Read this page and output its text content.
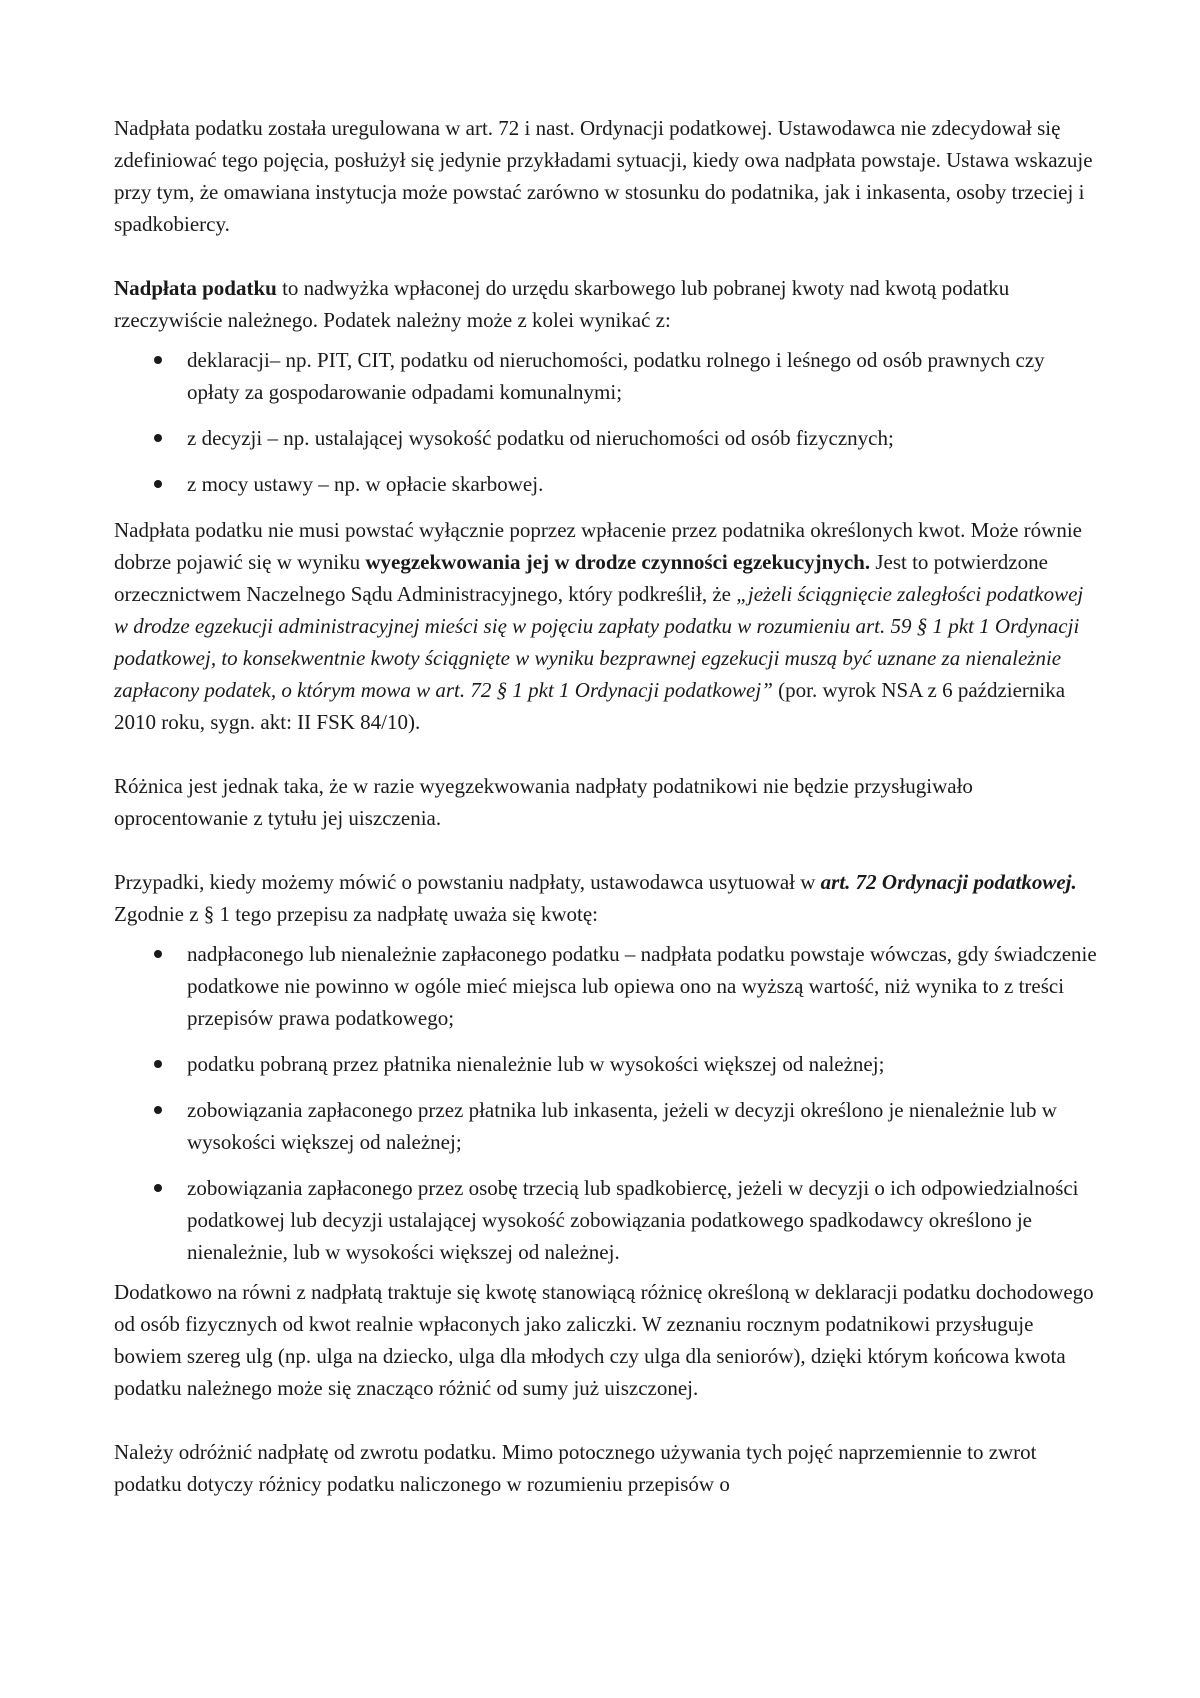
Nadpłata podatku została uregulowana w art. 72 i nast. Ordynacji podatkowej. Ustawodawca nie zdecydował się zdefiniować tego pojęcia, posłużył się jedynie przykładami sytuacji, kiedy owa nadpłata powstaje. Ustawa wskazuje przy tym, że omawiana instytucja może powstać zarówno w stosunku do podatnika, jak i inkasenta, osoby trzeciej i spadkobiercy.

Nadpłata podatku to nadwyżka wpłaconej do urzędu skarbowego lub pobranej kwoty nad kwotą podatku rzeczywiście należnego. Podatek należny może z kolei wynikać z:

deklaracji– np. PIT, CIT, podatku od nieruchomości, podatku rolnego i leśnego od osób prawnych czy opłaty za gospodarowanie odpadami komunalnymi;
z decyzji – np. ustalającej wysokość podatku od nieruchomości od osób fizycznych;
z mocy ustawy – np. w opłacie skarbowej.

Nadpłata podatku nie musi powstać wyłącznie poprzez wpłacenie przez podatnika określonych kwot. Może równie dobrze pojawić się w wyniku wyegzekwowania jej w drodze czynności egzekucyjnych. Jest to potwierdzone orzecznictwem Naczelnego Sądu Administracyjnego, który podkreślił, że „jeżeli ściągnięcie zaległości podatkowej w drodze egzekucji administracyjnej mieści się w pojęciu zapłaty podatku w rozumieniu art. 59 § 1 pkt 1 Ordynacji podatkowej, to konsekwentnie kwoty ściągnięte w wyniku bezprawnej egzekucji muszą być uznane za nienależnie zapłacony podatek, o którym mowa w art. 72 § 1 pkt 1 Ordynacji podatkowej” (por. wyrok NSA z 6 października 2010 roku, sygn. akt: II FSK 84/10).

Różnica jest jednak taka, że w razie wyegzekwowania nadpłaty podatnikowi nie będzie przysługiwało oprocentowanie z tytułu jej uiszczenia.

Przypadki, kiedy możemy mówić o powstaniu nadpłaty, ustawodawca usytuował w art. 72 Ordynacji podatkowej. Zgodnie z § 1 tego przepisu za nadpłatę uważa się kwotę:

nadpłaconego lub nienależnie zapłaconego podatku – nadpłata podatku powstaje wówczas, gdy świadczenie podatkowe nie powinno w ogóle mieć miejsca lub opiewa ono na wyższą wartość, niż wynika to z treści przepisów prawa podatkowego;
podatku pobraną przez płatnika nienależnie lub w wysokości większej od należnej;
zobowiązania zapłaconego przez płatnika lub inkasenta, jeżeli w decyzji określono je nienależnie lub w wysokości większej od należnej;
zobowiązania zapłaconego przez osobę trzecią lub spadkobiercę, jeżeli w decyzji o ich odpowiedzialności podatkowej lub decyzji ustalającej wysokość zobowiązania podatkowego spadkodawcy określono je nienależnie, lub w wysokości większej od należnej.

Dodatkowo na równi z nadpłatą traktuje się kwotę stanowiącą różnicę określoną w deklaracji podatku dochodowego od osób fizycznych od kwot realnie wpłaconych jako zaliczki. W zeznaniu rocznym podatnikowi przysługuje bowiem szereg ulg (np. ulga na dziecko, ulga dla młodych czy ulga dla seniorów), dzięki którym końcowa kwota podatku należnego może się znacząco różnić od sumy już uiszczonej.

Należy odróżnić nadpłatę od zwrotu podatku. Mimo potocznego używania tych pojęć naprzemiennie to zwrot podatku dotyczy różnicy podatku naliczonego w rozumieniu przepisów o
